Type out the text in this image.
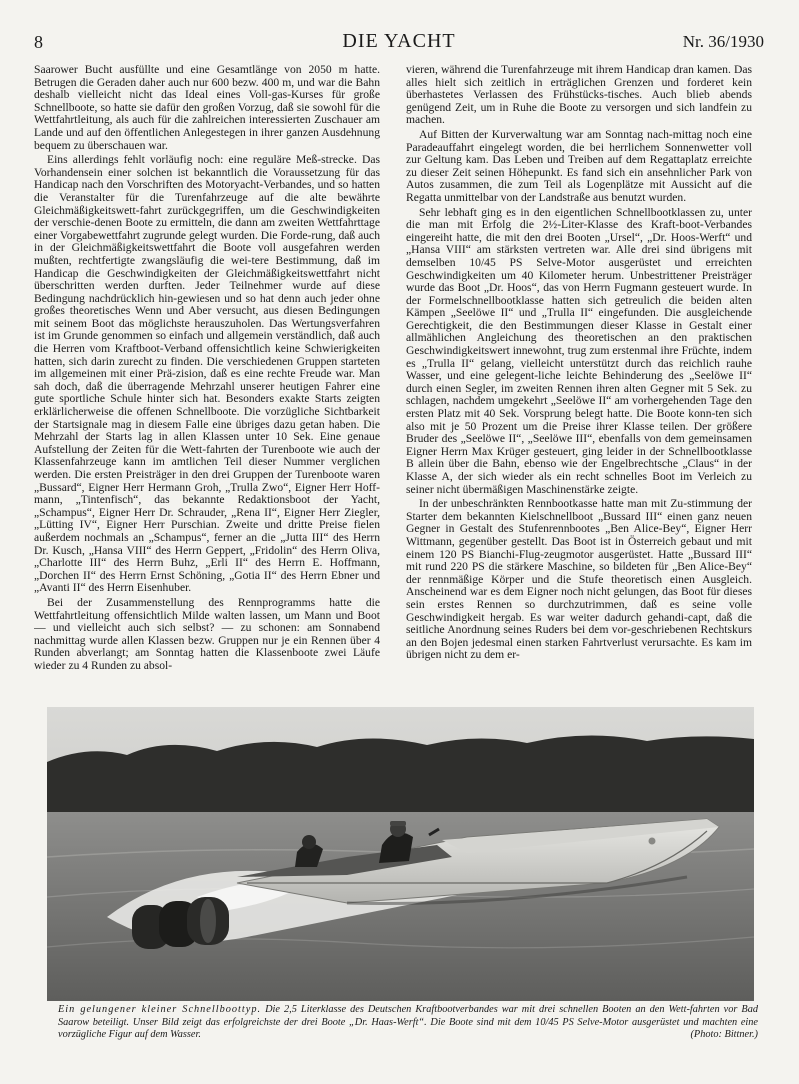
8	DIE YACHT	Nr. 36/1930

Saarower Bucht ausfüllte und eine Gesamtlänge von 2050 m hatte. Betrugen die Geraden daher auch nur 600 bezw. 400 m, und war die Bahn deshalb vielleicht nicht das Ideal eines Voll-gas-Kurses für große Schnellboote, so hatte sie dafür den großen Vorzug, daß sie sowohl für die Wettfahrtleitung, als auch für die zahlreichen interessierten Zuschauer am Lande und auf den öffentlichen Anlegestegen in ihrer ganzen Ausdehnung bequem zu überschauen war.

Eins allerdings fehlt vorläufig noch: eine reguläre Meß-strecke. Das Vorhandensein einer solchen ist bekanntlich die Voraussetzung für das Handicap nach den Vorschriften des Motoryacht-Verbandes, und so hatten die Veranstalter für die Turenfahrzeuge auf die alte bewährte Gleichmäßigkeitswett-fahrt zurückgegriffen, um die Geschwindigkeiten der verschie-denen Boote zu ermitteln, die dann am zweiten Wettfahrttage einer Vorgabewettfahrt zugrunde gelegt wurden. Die Forde-rung, daß auch in der Gleichmäßigkeitswettfahrt die Boote voll ausgefahren werden mußten, rechtfertigte zwangsläufig die wei-tere Bestimmung, daß im Handicap die Geschwindigkeiten der Gleichmäßigkeitswettfahrt nicht überschritten werden durften. Jeder Teilnehmer wurde auf diese Bedingung nachdrücklich hin-gewiesen und so hat denn auch jeder ohne großes theoretisches Wenn und Aber versucht, aus diesen Bedingungen mit seinem Boot das möglichste herauszuholen. Das Wertungsverfahren ist im Grunde genommen so einfach und allgemein verständlich, daß auch die Herren vom Kraftboot-Verband offensichtlich keine Schwierigkeiten hatten, sich darin zurecht zu finden. Die verschiedenen Gruppen starteten im allgemeinen mit einer Prä-zision, daß es eine rechte Freude war. Man sah doch, daß die überragende Mehrzahl unserer heutigen Fahrer eine gute sportliche Schule hinter sich hat. Besonders exakte Starts zeigten erklärlicherweise die offenen Schnellboote. Die vorzügliche Sichtbarkeit der Startsignale mag in diesem Falle eine übriges dazu getan haben. Die Mehrzahl der Starts lag in allen Klassen unter 10 Sek. Eine genaue Aufstellung der Zeiten für die Wett-fahrten der Turenboote wie auch der Klassenfahrzeuge kann im amtlichen Teil dieser Nummer verglichen werden. Die ersten Preisträger in den drei Gruppen der Turenboote waren „Bussard“, Eigner Herr Hermann Groh, „Trulla Zwo“, Eigner Herr Hoff-mann, „Tintenfisch“, das bekannte Redaktionsboot der Yacht, „Schampus“, Eigner Herr Dr. Schrauder, „Rena II“, Eigner Herr Ziegler, „Lütting IV“, Eigner Herr Purschian. Zweite und dritte Preise fielen außerdem nochmals an „Schampus“, ferner an die „Jutta III“ des Herrn Dr. Kusch, „Hansa VIII“ des Herrn Geppert, „Fridolin“ des Herrn Oliva, „Charlotte III“ des Herrn Buhz, „Erli II“ des Herrn E. Hoffmann, „Dorchen II“ des Herrn Ernst Schöning, „Gotia II“ des Herrn Ebner und „Avanti II“ des Herrn Eisenhuber.

Bei der Zusammenstellung des Rennprogramms hatte die Wettfahrtleitung offensichtlich Milde walten lassen, um Mann und Boot — und vielleicht auch sich selbst? — zu schonen: am Sonnabend nachmittag wurde allen Klassen bezw. Gruppen nur je ein Rennen über 4 Runden abverlangt; am Sonntag hatten die Klassenboote zwei Läufe wieder zu 4 Runden zu absol-

vieren, während die Turenfahrzeuge mit ihrem Handicap dran kamen. Das alles hielt sich zeitlich in erträglichen Grenzen und forderet kein überhastetes Verlassen des Frühstücks-tisches. Auch blieb abends genügend Zeit, um in Ruhe die Boote zu versorgen und sich landfein zu machen.

Auf Bitten der Kurverwaltung war am Sonntag nach-mittag noch eine Paradeauffahrt eingelegt worden, die bei herrlichem Sonnenwetter voll zur Geltung kam. Das Leben und Treiben auf dem Regattaplatz erreichte zu dieser Zeit seinen Höhepunkt. Es fand sich ein ansehnlicher Park von Autos zusammen, die zum Teil als Logenplätze mit Aussicht auf die Regatta unmittelbar von der Landstraße aus benutzt wurden.

Sehr lebhaft ging es in den eigentlichen Schnellbootklassen zu, unter die man mit Erfolg die 2½-Liter-Klasse des Kraft-boot-Verbandes eingereiht hatte, die mit den drei Booten „Ursel“, „Dr. Hoos-Werft“ und „Hansa VIII“ am stärksten vertreten war. Alle drei sind übrigens mit demselben 10/45 PS Selve-Motor ausgerüstet und erreichten Geschwindigkeiten um 40 Kilometer herum. Unbestrittener Preisträger wurde das Boot „Dr. Hoos“, das von Herrn Fugmann gesteuert wurde. In der Formelschnellbootklasse hatten sich getreulich die beiden alten Kämpen „Seelöwe II“ und „Trulla II“ eingefunden. Die ausgleichende Gerechtigkeit, die den Bestimmungen dieser Klasse in Gestalt einer allmählichen Angleichung des theoretischen an den praktischen Geschwindigkeitswert innewohnt, trug zum erstenmal ihre Früchte, indem es „Trulla II“ gelang, vielleicht unterstützt durch das reichlich rauhe Wasser, und eine gelegent-liche leichte Behinderung des „Seelöwe II“ durch einen Segler, im zweiten Rennen ihren alten Gegner mit 5 Sek. zu schlagen, nachdem umgekehrt „Seelöwe II“ am vorhergehenden Tage den ersten Platz mit 40 Sek. Vorsprung belegt hatte. Die Boote konn-ten sich also mit je 50 Prozent um die Preise ihrer Klasse teilen. Der größere Bruder des „Seelöwe II“, „Seelöwe III“, ebenfalls von dem gemeinsamen Eigner Herrn Max Krüger gesteuert, ging leider in der Schnellbootklasse B allein über die Bahn, ebenso wie der Engelbrechtsche „Claus“ in der Klasse A, der sich wieder als ein recht schnelles Boot im Verleich zu seiner nicht übermäßigen Maschinenstärke zeigte.

In der unbeschränkten Rennbootkasse hatte man mit Zu-stimmung der Starter dem bekannten Kielschnellboot „Bussard III“ einen ganz neuen Gegner in Gestalt des Stufenrennbootes „Ben Alice-Bey“, Eigner Herr Wittmann, gegenüber gestellt. Das Boot ist in Österreich gebaut und mit einem 120 PS Bianchi-Flug-zeugmotor ausgerüstet. Hatte „Bussard III“ mit rund 220 PS die stärkere Maschine, so bildeten für „Ben Alice-Bey“ der rennmäßige Körper und die Stufe theoretisch einen Ausgleich. Anscheinend war es dem Eigner noch nicht gelungen, das Boot für dieses sein erstes Rennen so durchzutrimmen, daß es seine volle Geschwindigkeit hergab. Es war weiter dadurch gehandi-capt, daß die seitliche Anordnung seines Ruders bei dem vor-geschriebenen Rechtskurs an den Bojen jedesmal einen starken Fahrtverlust verursachte. Es kam im übrigen nicht zu dem er-

Ein gelungener kleiner Schnellboottyp. Die 2,5 Literklasse des Deutschen Kraftbootverbandes war mit drei schnellen Booten an den Wett-fahrten vor Bad Saarow beteiligt. Unser Bild zeigt das erfolgreichste der drei Boote „Dr. Haas-Werft“. Die Boote sind mit dem 10/45 PS Selve-Motor ausgerüstet und machten eine vorzügliche Figur auf dem Wasser.	(Photo: Bittner.)
